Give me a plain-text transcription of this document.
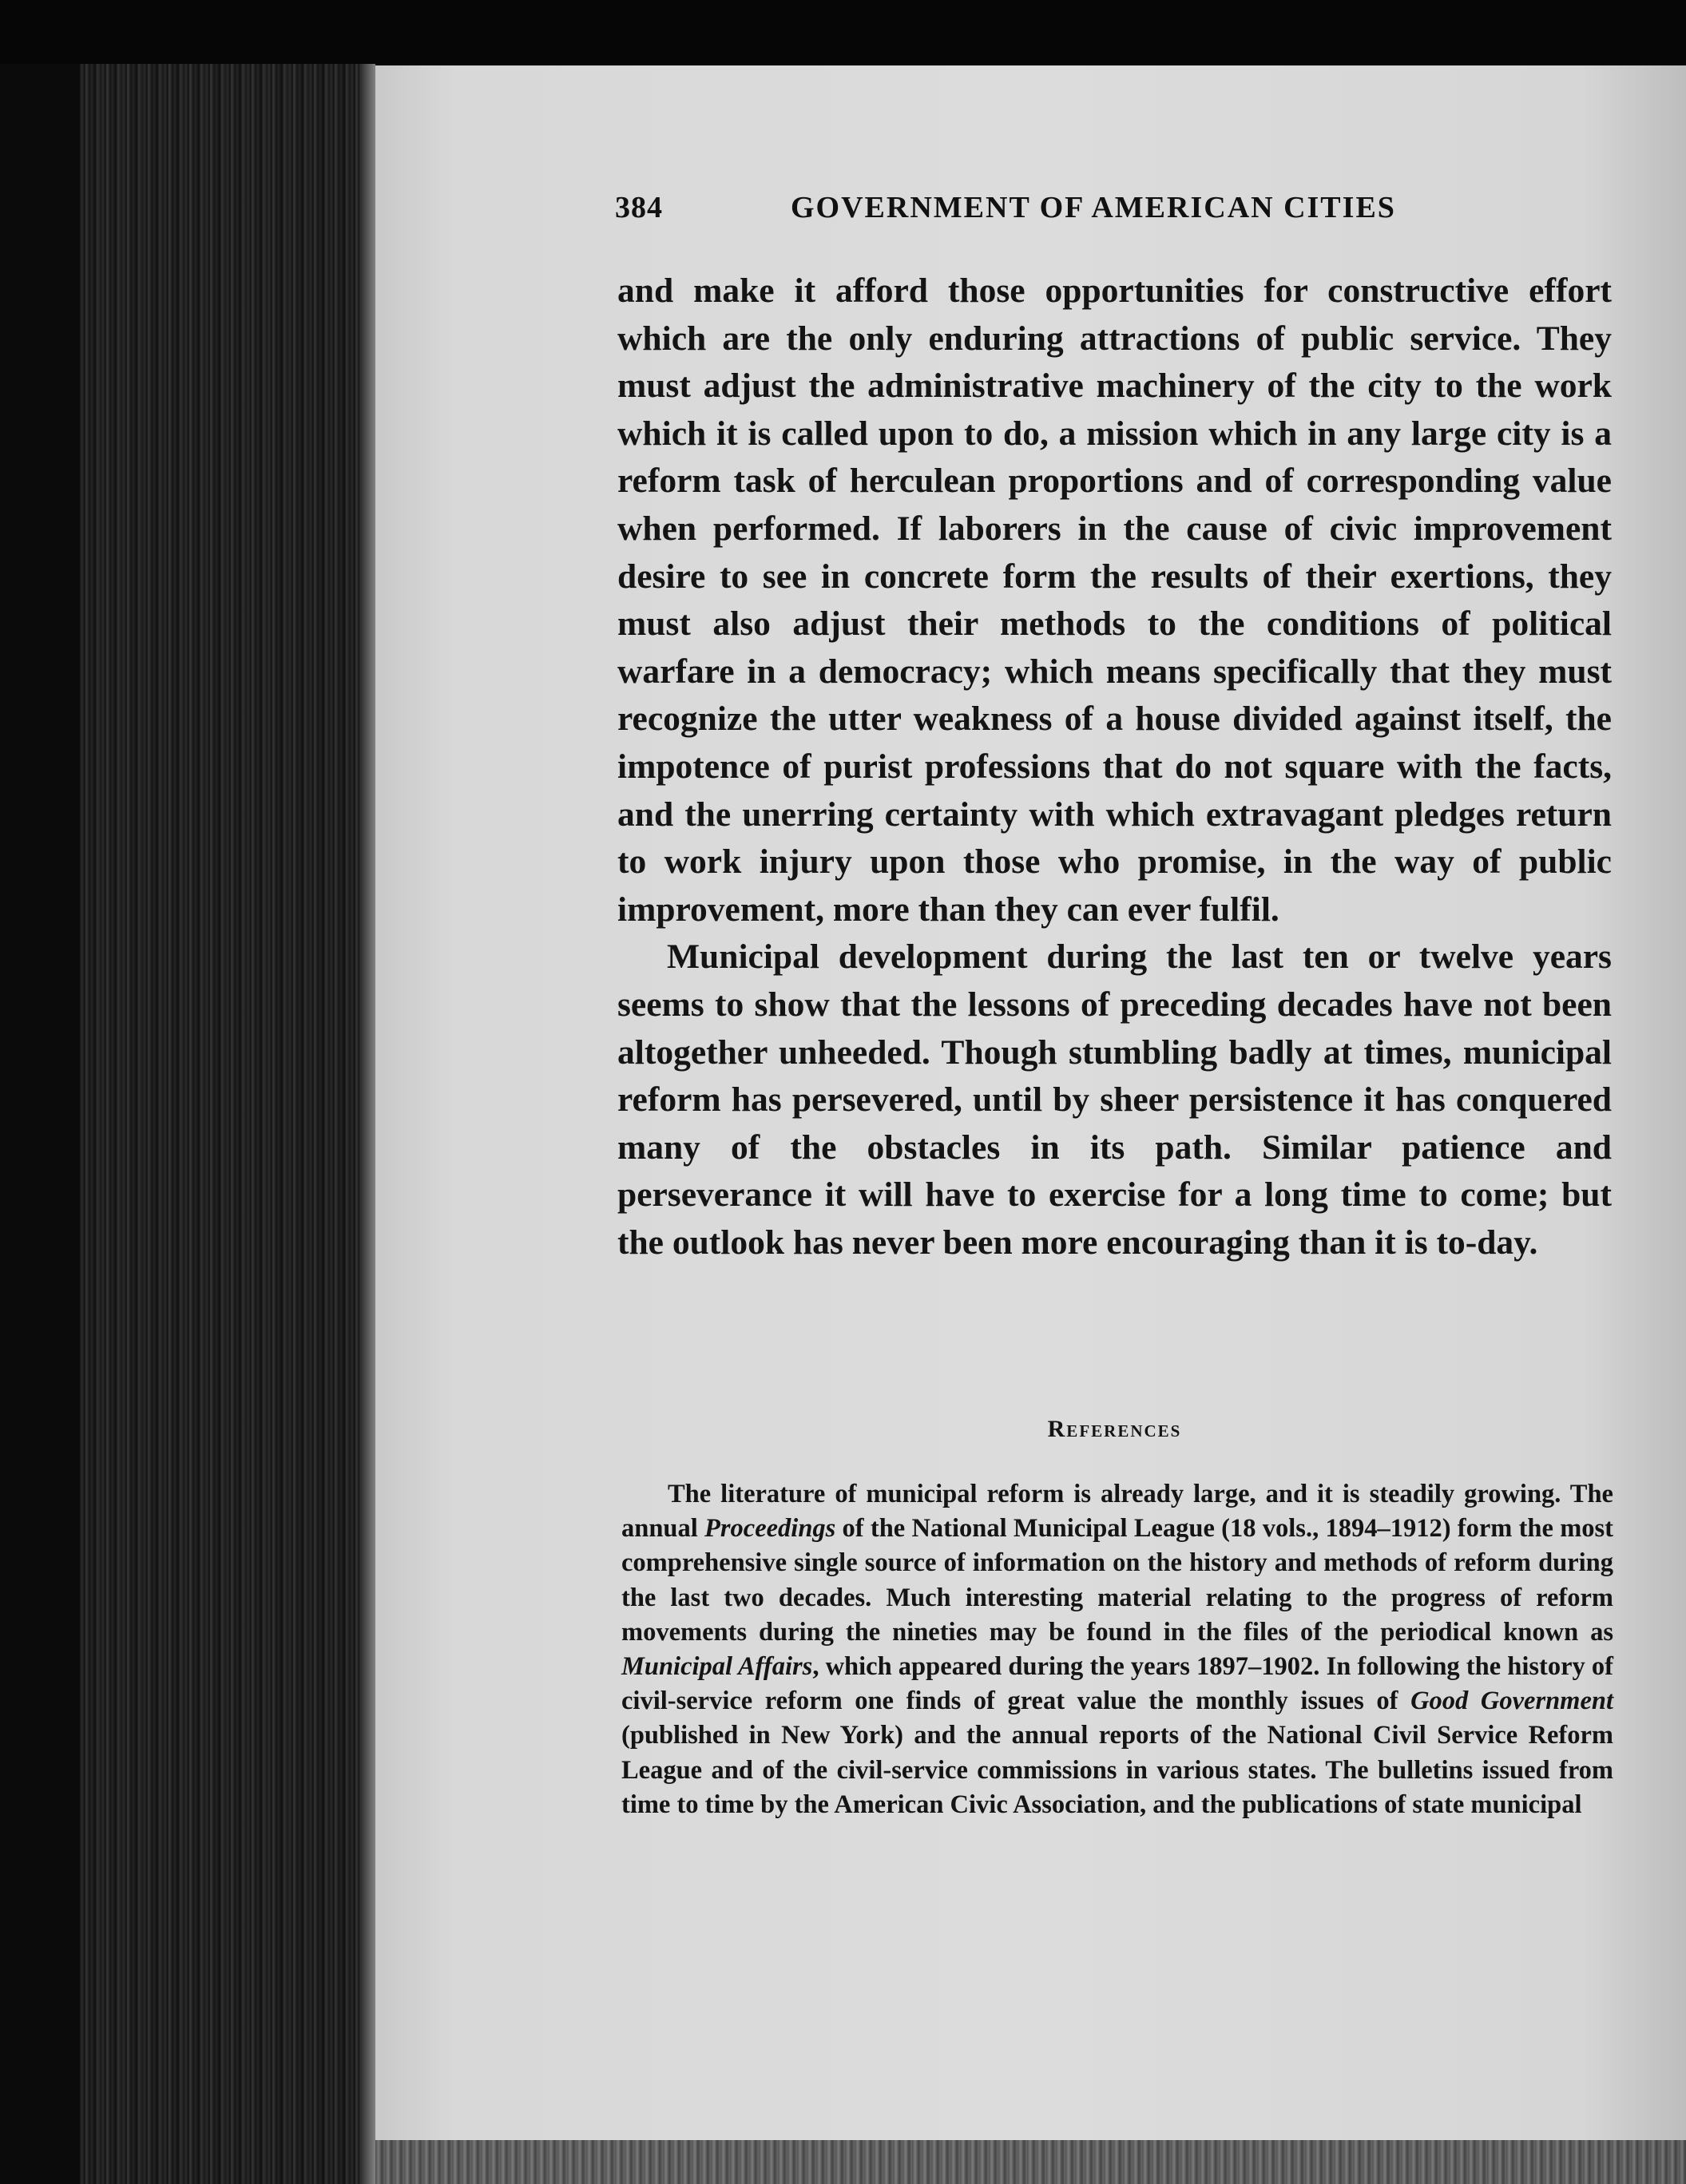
384	GOVERNMENT OF AMERICAN CITIES

and make it afford those opportunities for constructive effort which are the only enduring attractions of public service. They must adjust the administrative machinery of the city to the work which it is called upon to do, a mission which in any large city is a reform task of herculean proportions and of corresponding value when performed. If laborers in the cause of civic improvement desire to see in concrete form the results of their exertions, they must also adjust their methods to the conditions of political warfare in a democracy; which means specifically that they must recognize the utter weakness of a house divided against itself, the impotence of purist professions that do not square with the facts, and the unerring certainty with which extravagant pledges return to work injury upon those who promise, in the way of public improvement, more than they can ever fulfil.

Municipal development during the last ten or twelve years seems to show that the lessons of preceding decades have not been altogether unheeded. Though stumbling badly at times, municipal reform has persevered, until by sheer persistence it has conquered many of the obstacles in its path. Similar patience and perseverance it will have to exercise for a long time to come; but the outlook has never been more encouraging than it is to-day.

References
The literature of municipal reform is already large, and it is steadily growing. The annual Proceedings of the National Municipal League (18 vols., 1894–1912) form the most comprehensive single source of information on the history and methods of reform during the last two decades. Much interesting material relating to the progress of reform movements during the nineties may be found in the files of the periodical known as Municipal Affairs, which appeared during the years 1897–1902. In following the history of civil-service reform one finds of great value the monthly issues of Good Government (published in New York) and the annual reports of the National Civil Service Reform League and of the civil-service commissions in various states. The bulletins issued from time to time by the American Civic Association, and the publications of state municipal
